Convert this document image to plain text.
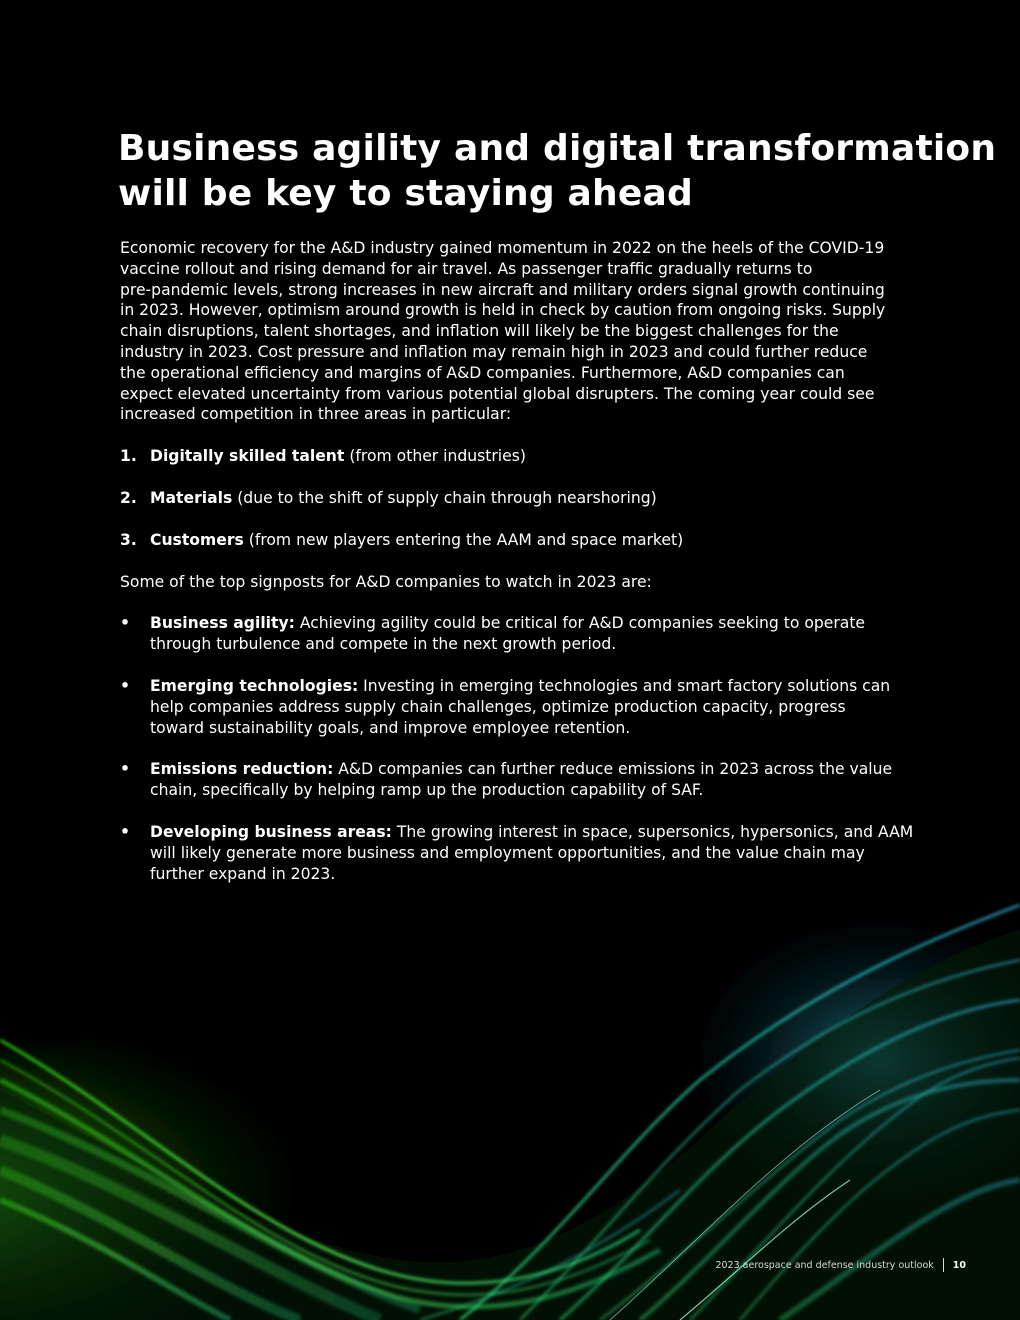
Business agility and digital transformation
will be key to staying ahead
Economic recovery for the A&D industry gained momentum in 2022 on the heels of the COVID-19
vaccine rollout and rising demand for air travel. As passenger traffic gradually returns to
pre-pandemic levels, strong increases in new aircraft and military orders signal growth continuing
in 2023. However, optimism around growth is held in check by caution from ongoing risks. Supply
chain disruptions, talent shortages, and inflation will likely be the biggest challenges for the
industry in 2023. Cost pressure and inflation may remain high in 2023 and could further reduce
the operational efficiency and margins of A&D companies. Furthermore, A&D companies can
expect elevated uncertainty from various potential global disrupters. The coming year could see
increased competition in three areas in particular:
1. Digitally skilled talent (from other industries)
2. Materials (due to the shift of supply chain through nearshoring)
3. Customers (from new players entering the AAM and space market)
Some of the top signposts for A&D companies to watch in 2023 are:
• Business agility: Achieving agility could be critical for A&D companies seeking to operate
through turbulence and compete in the next growth period.
• Emerging technologies: Investing in emerging technologies and smart factory solutions can
help companies address supply chain challenges, optimize production capacity, progress
toward sustainability goals, and improve employee retention.
• Emissions reduction: A&D companies can further reduce emissions in 2023 across the value
chain, specifically by helping ramp up the production capability of SAF.
• Developing business areas: The growing interest in space, supersonics, hypersonics, and AAM
will likely generate more business and employment opportunities, and the value chain may
further expand in 2023.
2023 aerospace and defense industry outlook 10
